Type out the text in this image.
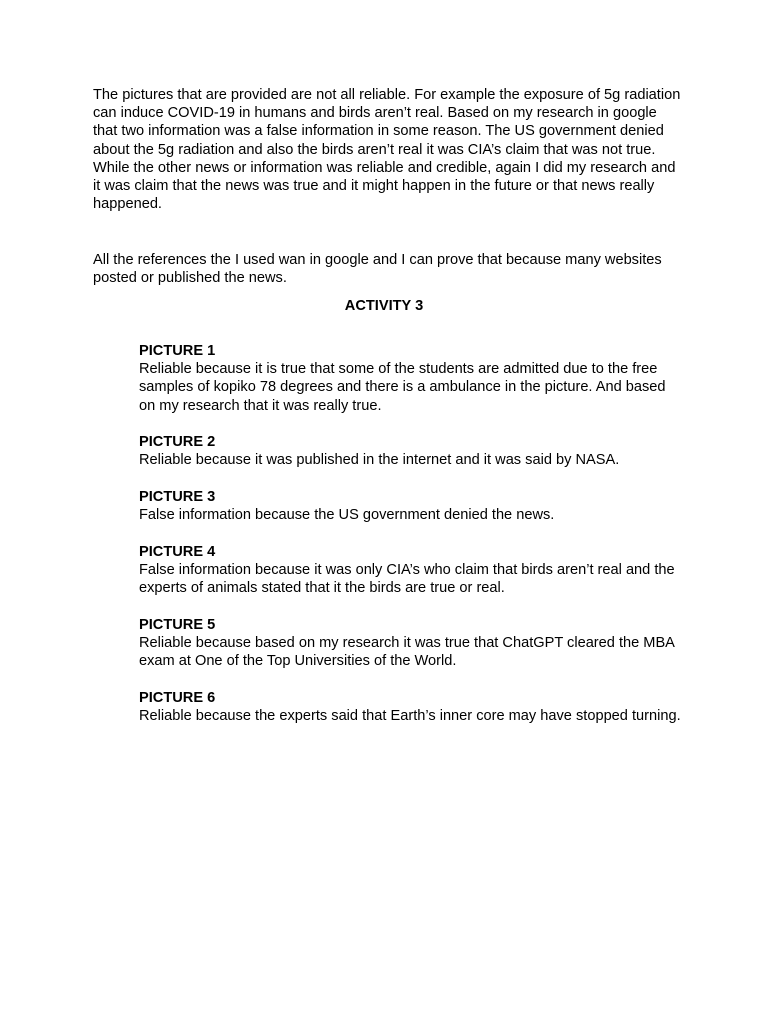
The pictures that are provided are not all reliable. For example the exposure of 5g radiation can induce COVID-19 in humans and birds aren’t real. Based on my research in google that two information was a false information in some reason. The US government denied about the 5g radiation and also the birds aren’t real it was CIA’s claim that was not true. While the other news or information was reliable and credible, again I did my research and it was claim that the news was true and it might happen in the future or that news really happened.

All the references the I used wan in google and I can prove that because many websites posted or published the news.

ACTIVITY 3

PICTURE 1

Reliable because it is true that some of the students are admitted due to the free samples of kopiko 78 degrees and there is a ambulance in the picture. And based on my research that it was really true.

PICTURE 2

Reliable because it was published in the internet and it was said by NASA.

PICTURE 3

False information because the US government denied the news.

PICTURE 4

False information because it was only CIA’s who claim that birds aren’t real and the experts of animals stated that it the birds are true or real.

PICTURE 5

Reliable because based on my research it was true that ChatGPT cleared the MBA exam at One of the Top Universities of the World.

PICTURE 6

Reliable because the experts said that Earth’s inner core may have stopped turning.
